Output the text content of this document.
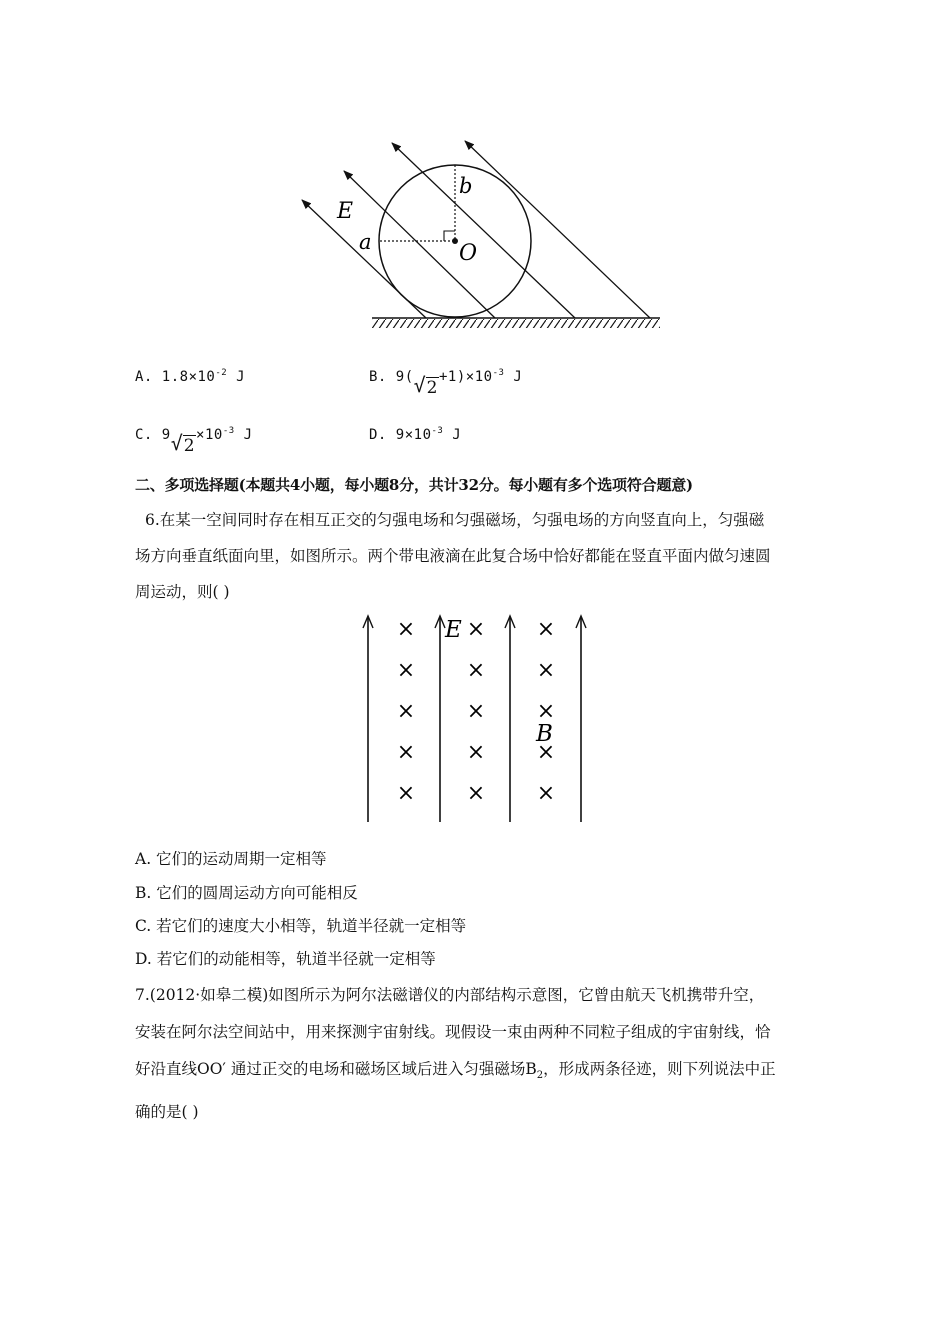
E
a
b
O
A. $1.8\times 10^{-2}$ J	B. 9( √ $2+1)\times 10^{-3}$ J
C. 9 √ $2\times 10^{-3}$ J	D. $9\times 10^{-3}$ J
二、多项选择题(本题共4小题，每小题8分，共计32分。每小题有多个选项符合题意)
6.在某一空间同时存在相互正交的匀强电场和匀强磁场，匀强电场的方向竖直向上，匀强磁
场方向垂直纸面向里，如图所示。两个带电液滴在此复合场中恰好都能在竖直平面内做匀速圆
周运动，则( )
× × ×
× × ×
× × ×
× × ×
× × ×
E
B
A. 它们的运动周期一定相等
B. 它们的圆周运动方向可能相反
C. 若它们的速度大小相等，轨道半径就一定相等
D. 若它们的动能相等，轨道半径就一定相等
7.(2012·如皋二模)如图所示为阿尔法磁谱仪的内部结构示意图，它曾由航天飞机携带升空，
安装在阿尔法空间站中，用来探测宇宙射线。现假设一束由两种不同粒子组成的宇宙射线，恰
好沿直线OO′ 通过正交的电场和磁场区域后进入匀强磁场$B_2$，形成两条径迹，则下列说法中正
确的是( )
